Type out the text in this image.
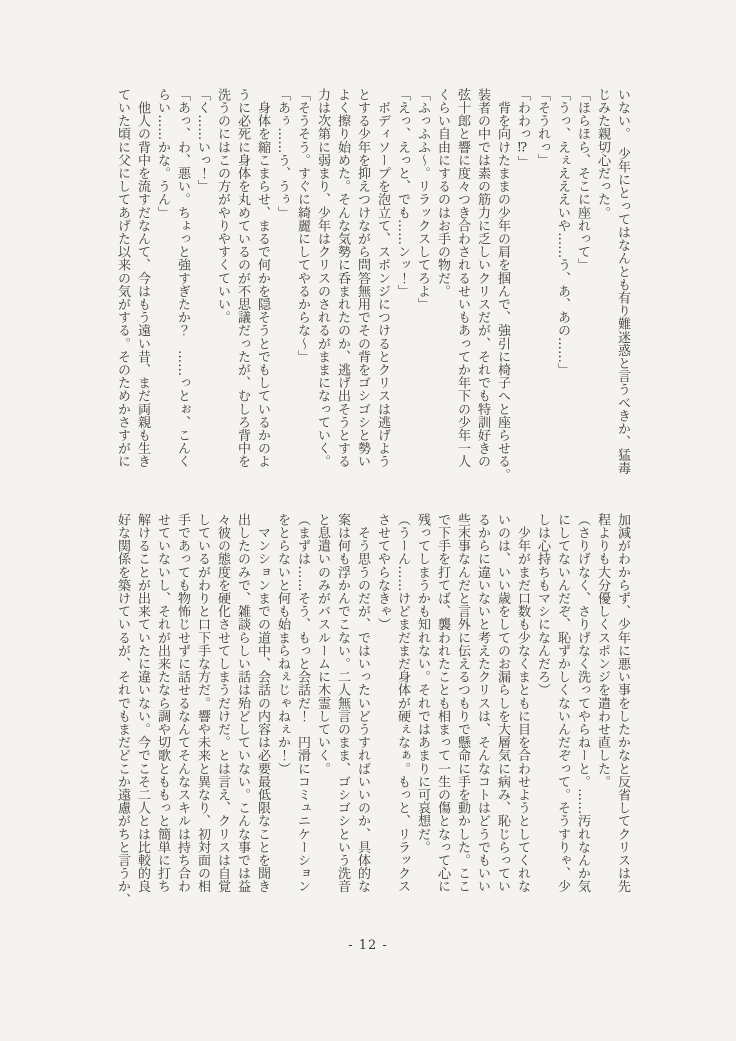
いない。　少年にとってはなんとも有り難迷惑と言うべきか、猛毒
じみた親切心だった。
「ほらほら、そこに座れって」
「うっ、えぇえええいや……う、あ、あの……」
「そうれっ」
「わわっ⁉」
　背を向けたままの少年の肩を掴んで、強引に椅子へと座らせる。
装者の中では素の筋力に乏しいクリスだが、それでも特訓好きの
弦十郎と響に度々つき合わされるせいもあってか年下の少年一人
くらい自由にするのはお手の物だ。
「ふっふふ〜。リラックスしてろよ」
「えっ、えっと、でも……ンッ！」
　ボディソープを泡立て、スポンジにつけるとクリスは逃げよう
とする少年を抑えつけながら問答無用でその背をゴシゴシと勢い
よく擦り始めた。そんな気勢に呑まれたのか、逃げ出そうとする
力は次第に弱まり、少年はクリスのされるがままになっていく。
「そうそう。すぐに綺麗にしてやるからな〜」
「あぅ……う、うぅ」
　身体を縮こまらせ、まるで何かを隠そうとでもしているかのよ
うに必死に身体を丸めているのが不思議だったが、むしろ背中を
洗うのにはこの方がやりやすくていい。
「く……いっ！」
「あっ、わ、悪い。ちょっと強すぎたか？　……っとぉ、こんく
らい……かな。うん」
　他人の背中を流すだなんて、今はもう遠い昔、まだ両親も生き
ていた頃に父にしてあげた以来の気がする。そのためかさすがに
加減がわからず、少年に悪い事をしたかなと反省してクリスは先
程よりも大分優しくスポンジを遣わせ直した。
（さりげなく、さりげなく洗ってやらねーと。……汚れなんか気
にしてないんだぞ、恥ずかしくないんだぞって。そうすりゃ、少
しは心持ちもマシになんだろ）
　少年がまだ口数も少なくまともに目を合わせようとしてくれな
いのは、いい歳をしてのお漏らしを大層気に病み、恥じらってい
るからに違いないと考えたクリスは、そんなコトはどうでもいい
些末事なんだと言外に伝えるつもりで懸命に手を動かした。ここ
で下手を打てば、襲われたことも相まって一生の傷となって心に
残ってしまうかも知れない。それではあまりに可哀想だ。
（うーん……けどまだまだ身体が硬ぇなぁ。もっと、リラックス
させてやらなきゃ）
　そう思うのだが、ではいったいどうすればいいのか、具体的な
案は何も浮かんでこない。二人無言のまま、ゴシゴシという洗音
と息遣いのみがバスルームに木霊していく。
（まずは……そう、もっと会話だ！　円滑にコミュニケーション
をとらないと何も始まらねぇじゃねぇか！）
　マンションまでの道中、会話の内容は必要最低限なことを聞き
出したのみで、雑談らしい話は殆どしていない。こんな事では益
々彼の態度を硬化させてしまうだけだ。とは言え、クリスは自覚
しているがわりと口下手な方だ。響や未来と異なり、初対面の相
手であっても物怖じせずに話せるなんてそんなスキルは持ち合わ
せていないし、それが出来たなら調や切歌とももっと簡単に打ち
解けることが出来ていたに違いない。今でこそ二人とは比較的良
好な関係を築けているが、それでもまだどこか遠慮がちと言うか、
- 12 -
